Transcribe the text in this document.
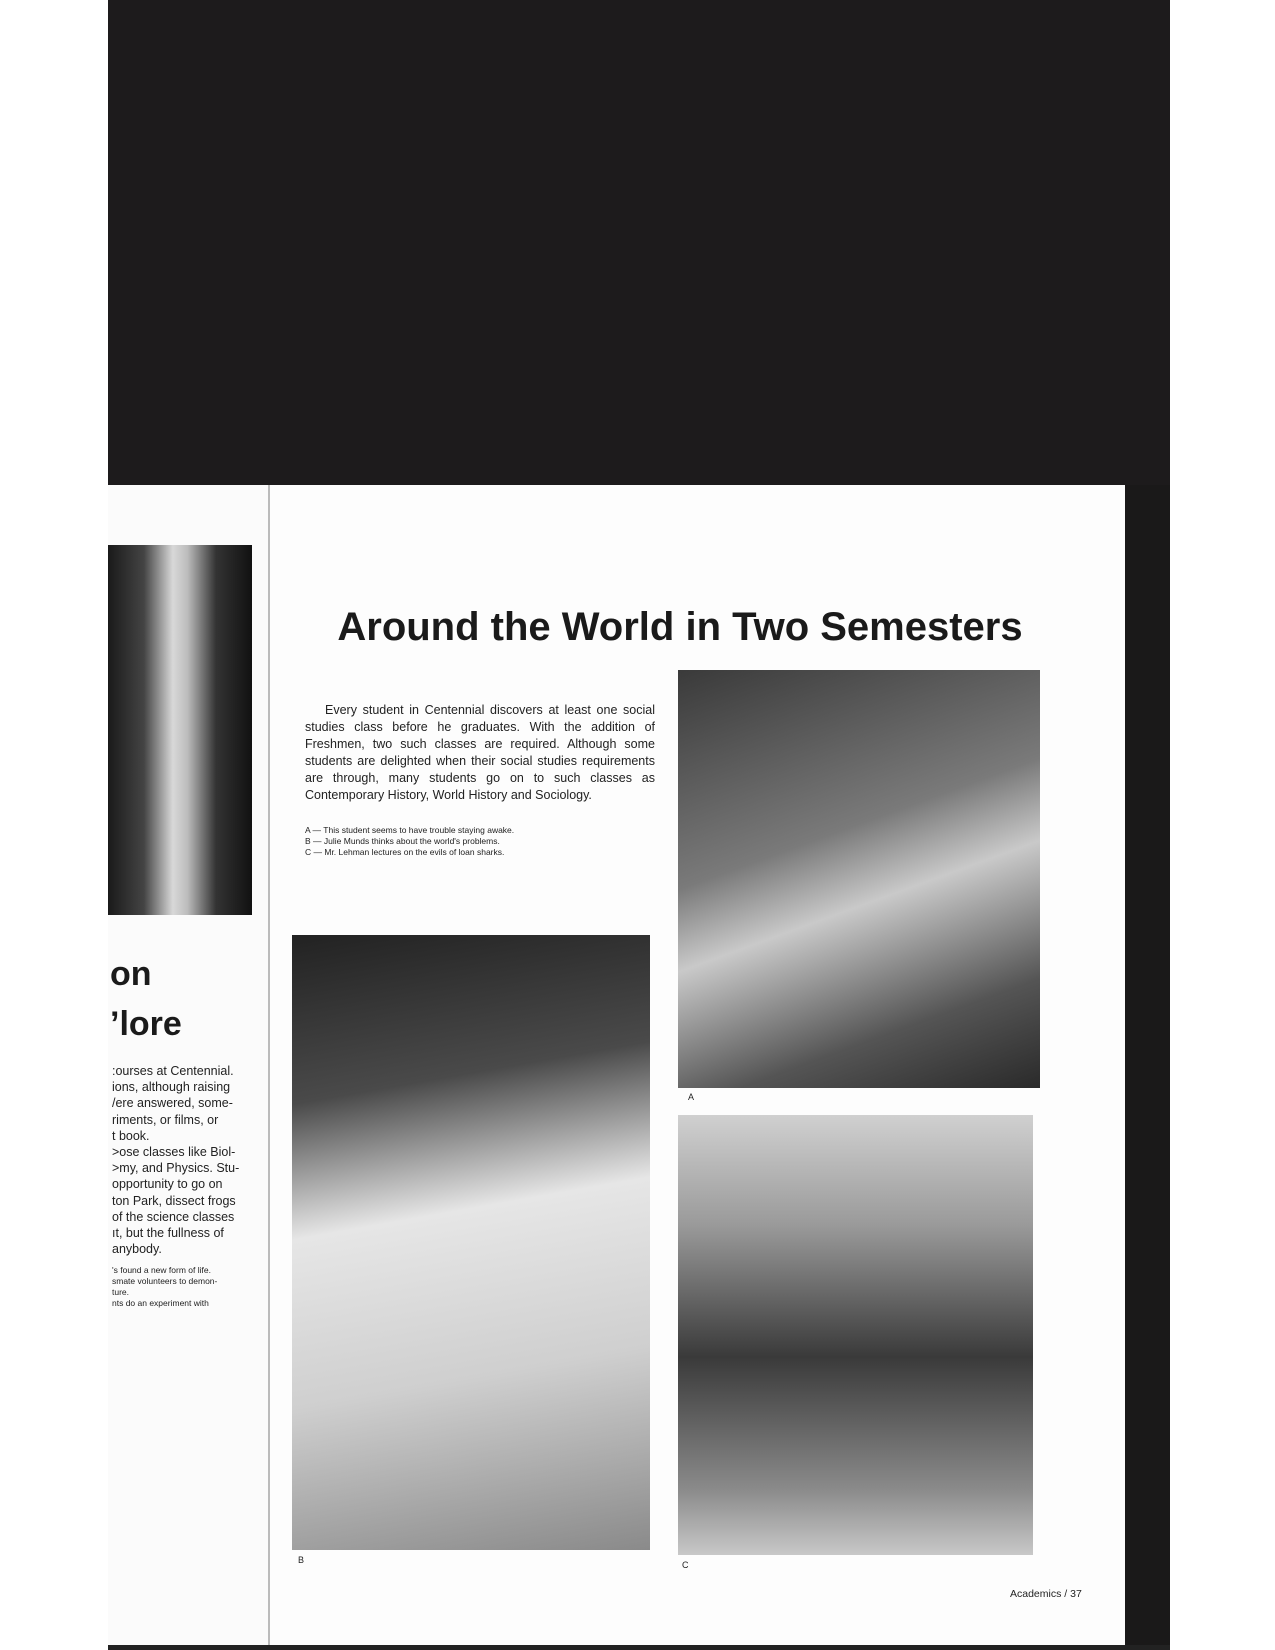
on
’lore
:ourses at Centennial.
ions, although raising
/ere answered, some-
riments, or films, or
t book.
>ose classes like Biol-
>my, and Physics. Stu-
opportunity to go on
ton Park, dissect frogs
of the science classes
ıt, but the fullness of
anybody.
's found a new form of life.
smate volunteers to demon-
ture.
nts do an experiment with
Around the World in Two Semesters
Every student in Centennial discovers at least one social studies class before he graduates. With the addition of Freshmen, two such classes are required. Although some students are delighted when their social studies requirements are through, many students go on to such classes as Contemporary History, World History and Sociology.
A — This student seems to have trouble staying awake.
B — Julie Munds thinks about the world's problems.
C — Mr. Lehman lectures on the evils of loan sharks.
A
B	C
Academics / 37
